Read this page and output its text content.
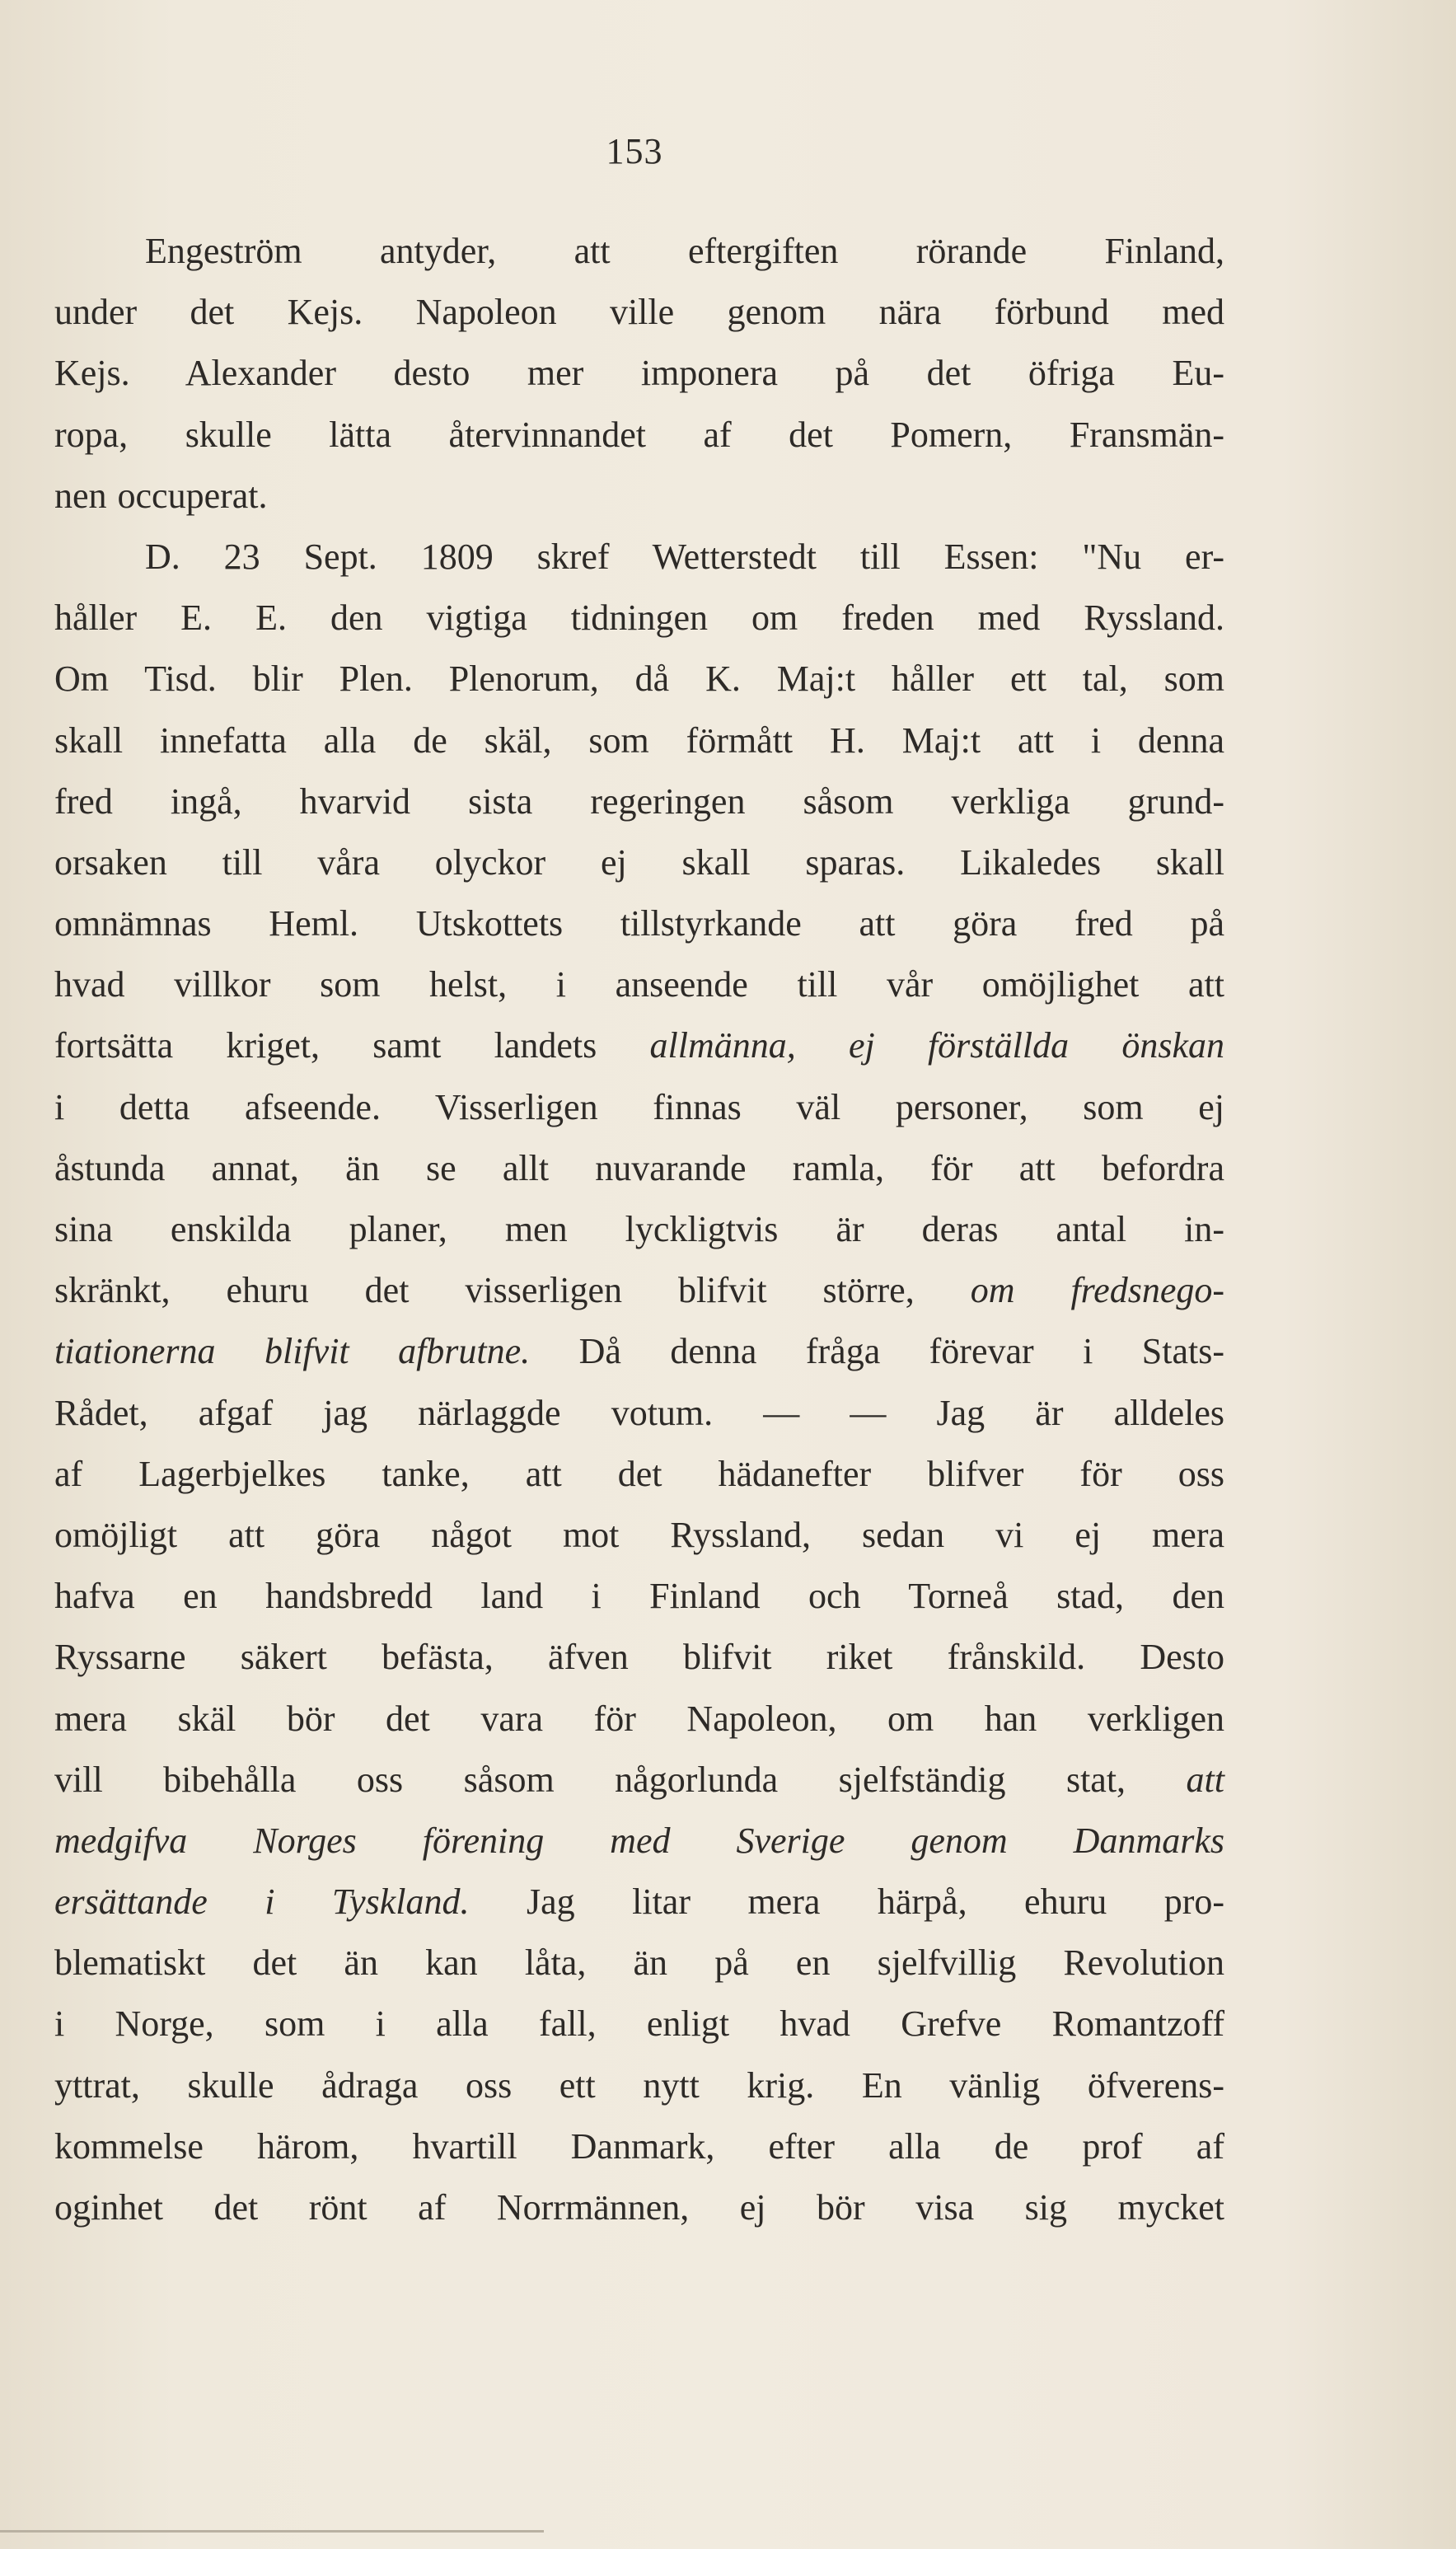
153
Engeström antyder, att eftergiften rörande Finland,
under det Kejs. Napoleon ville genom nära förbund med
Kejs. Alexander desto mer imponera på det öfriga Eu-
ropa, skulle lätta återvinnandet af det Pomern, Fransmän-
nen occuperat.
D. 23 Sept. 1809 skref Wetterstedt till Essen: "Nu er-
håller E. E. den vigtiga tidningen om freden med Ryssland.
Om Tisd. blir Plen. Plenorum, då K. Maj:t håller ett tal, som
skall innefatta alla de skäl, som förmått H. Maj:t att i denna
fred ingå, hvarvid sista regeringen såsom verkliga grund-
orsaken till våra olyckor ej skall sparas. Likaledes skall
omnämnas Heml. Utskottets tillstyrkande att göra fred på
hvad villkor som helst, i anseende till vår omöjlighet att
fortsätta kriget, samt landets allmänna, ej förställda önskan
i detta afseende. Visserligen finnas väl personer, som ej
åstunda annat, än se allt nuvarande ramla, för att befordra
sina enskilda planer, men lyckligtvis är deras antal in-
skränkt, ehuru det visserligen blifvit större, om fredsnego-
tiationerna blifvit afbrutne. Då denna fråga förevar i Stats-
Rådet, afgaf jag närlaggde votum. — — Jag är alldeles
af Lagerbjelkes tanke, att det hädanefter blifver för oss
omöjligt att göra något mot Ryssland, sedan vi ej mera
hafva en handsbredd land i Finland och Torneå stad, den
Ryssarne säkert befästa, äfven blifvit riket frånskild. Desto
mera skäl bör det vara för Napoleon, om han verkligen
vill bibehålla oss såsom någorlunda sjelfständig stat, att
medgifva Norges förening med Sverige genom Danmarks
ersättande i Tyskland. Jag litar mera härpå, ehuru pro-
blematiskt det än kan låta, än på en sjelfvillig Revolution
i Norge, som i alla fall, enligt hvad Grefve Romantzoff
yttrat, skulle ådraga oss ett nytt krig. En vänlig öfverens-
kommelse härom, hvartill Danmark, efter alla de prof af
oginhet det rönt af Norrmännen, ej bör visa sig mycket
